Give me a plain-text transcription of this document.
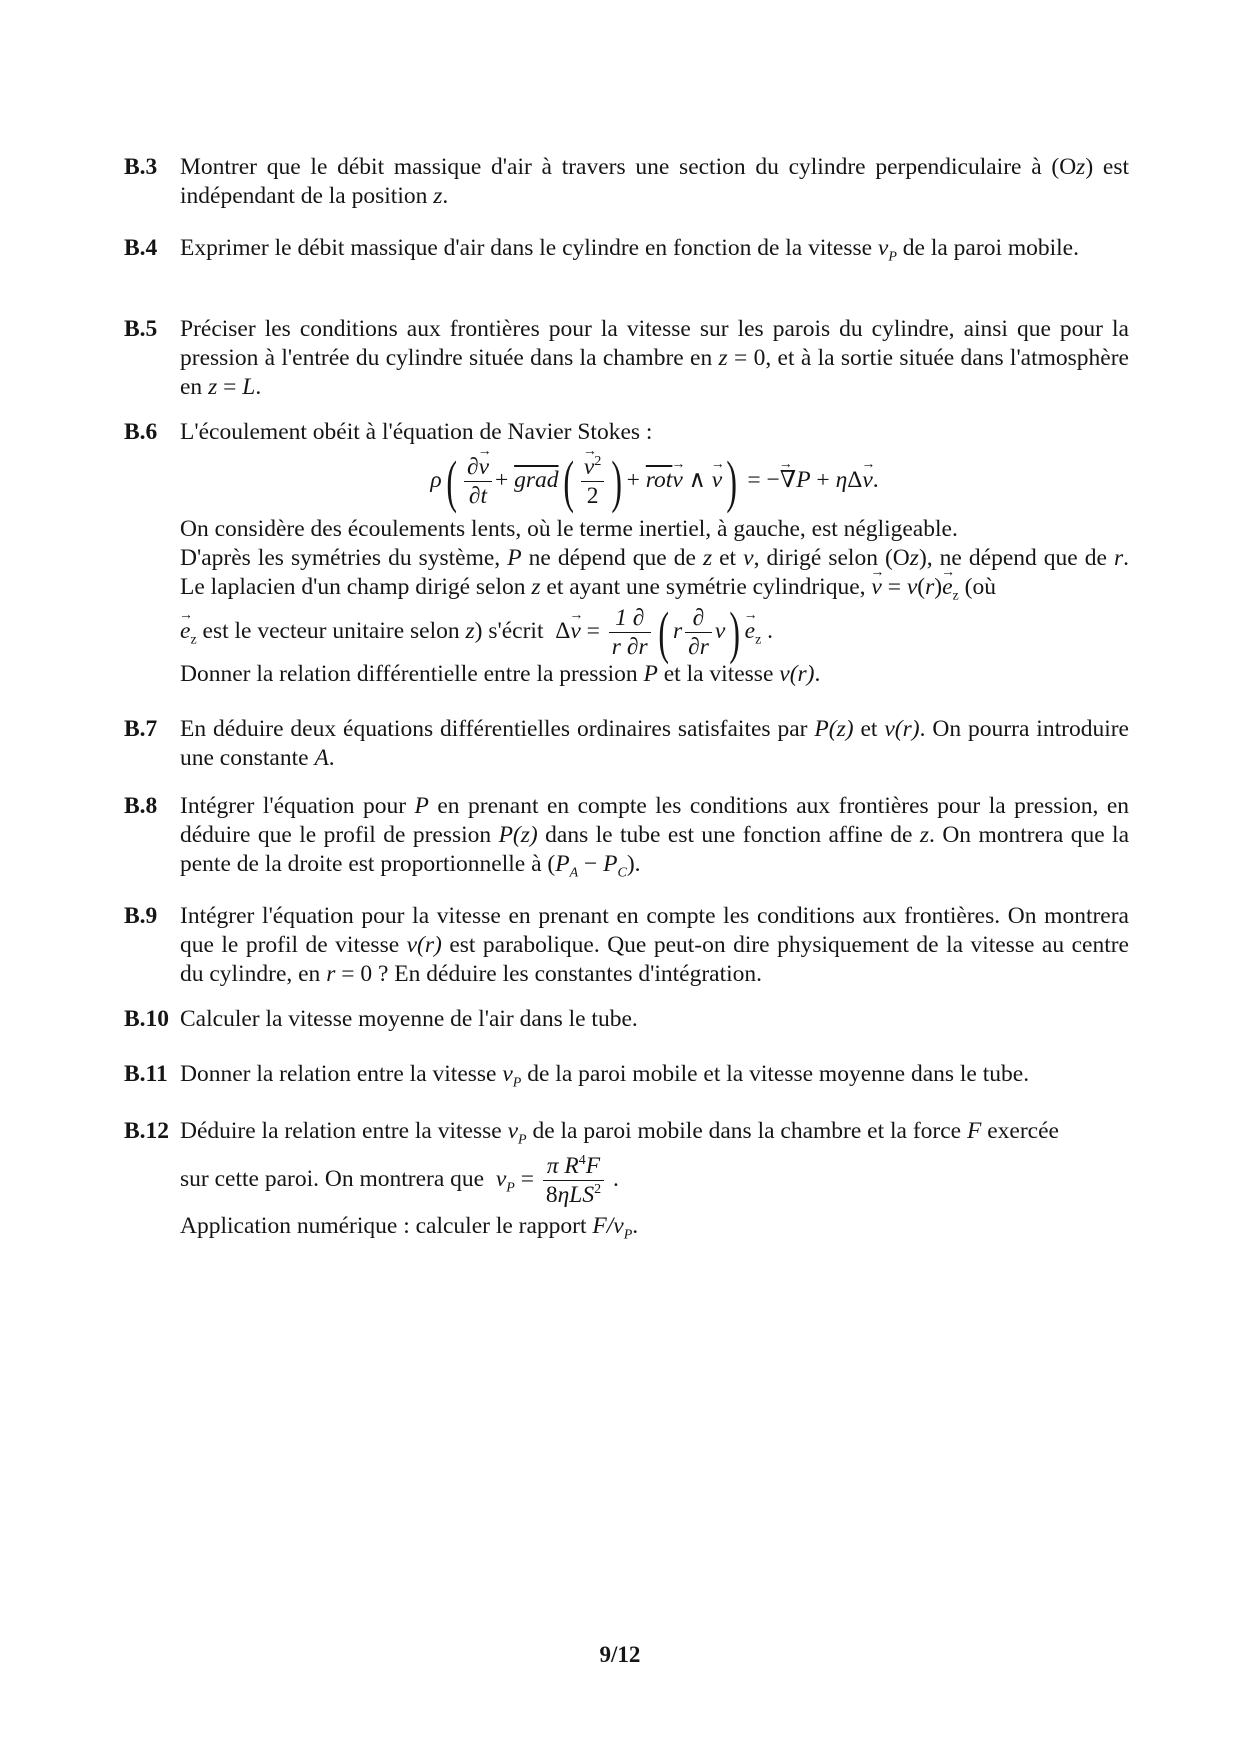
B.3 Montrer que le débit massique d'air à travers une section du cylindre perpendiculaire à (Oz) est indépendant de la position z.
B.4 Exprimer le débit massique d'air dans le cylindre en fonction de la vitesse $v_P$ de la paroi mobile.
B.5 Préciser les conditions aux frontières pour la vitesse sur les parois du cylindre, ainsi que pour la pression à l'entrée du cylindre située dans la chambre en z = 0, et à la sortie située dans l'atmosphère en z = L.
B.6 L'écoulement obéit à l'équation de Navier Stokes :
$\rho( \frac{\partial\to v}{\partial t}$ + grad( → $\frac{v^2}{2}$ ) + $\overline{rot}\to v$ ∧ → v) = −→ ∇P + ηΔ→ v.
On considère des écoulements lents, où le terme inertiel, à gauche, est négligeable.
D'après les symétries du système, P ne dépend que de z et v, dirigé selon (Oz), ne dépend que de r. Le laplacien d'un champ dirigé selon z et ayant une symétrie cylindrique, → $v = v(r)\to e_z$ (où
→ $e_z$ est le vecteur unitaire selon z) s'écrit  $\Delta\to v = \frac{1 \partial}{r \partial r}$ ( r $\frac{\partial}{\partial r} v) \to e_z$ .
Donner la relation différentielle entre la pression P et la vitesse v(r).
B.7 En déduire deux équations différentielles ordinaires satisfaites par P(z) et v(r). On pourra introduire une constante A.
B.8 Intégrer l'équation pour P en prenant en compte les conditions aux frontières pour la pression, en déduire que le profil de pression P(z) dans le tube est une fonction affine de z. On montrera que la pente de la droite est proportionnelle à $(P_A - P_C)$.
B.9 Intégrer l'équation pour la vitesse en prenant en compte les conditions aux frontières. On montrera que le profil de vitesse v(r) est parabolique. Que peut-on dire physiquement de la vitesse au centre du cylindre, en r = 0 ? En déduire les constantes d'intégration.
B.10 Calculer la vitesse moyenne de l'air dans le tube.
B.11 Donner la relation entre la vitesse $v_P$ de la paroi mobile et la vitesse moyenne dans le tube.
B.12 Déduire la relation entre la vitesse $v_P$ de la paroi mobile dans la chambre et la force F exercée
sur cette paroi. On montrera que  $v_P = \frac{\pi R^4F}{8\eta LS^2}$ .
Application numérique : calculer le rapport $F/v_P$.
9/12
